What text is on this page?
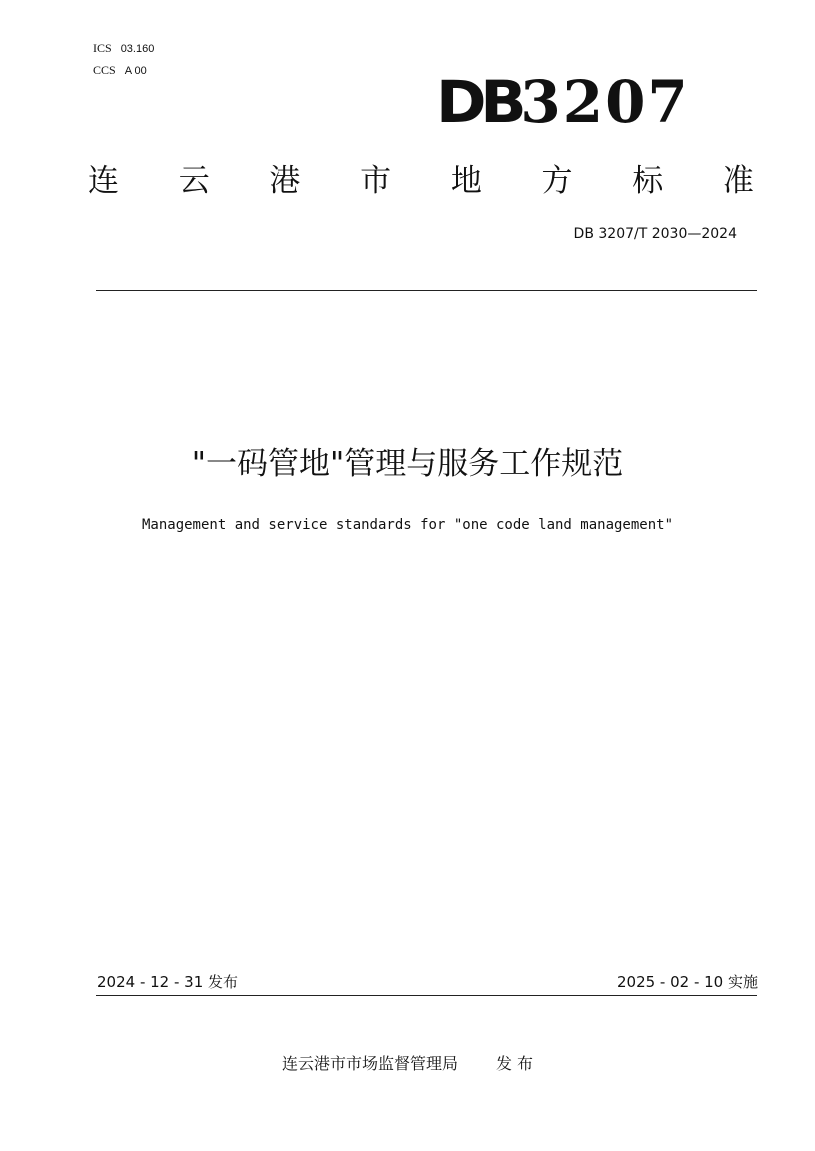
ICS 03.160
CCS A 00	DB3207
连 云 港 市 地 方 标 准
DB 3207/T 2030—2024
"一码管地"管理与服务工作规范
Management and service standards for "one code land management"
2024 - 12 - 31 发布	2025 - 02 - 10 实施
连云港市市场监督管理局 发 布
